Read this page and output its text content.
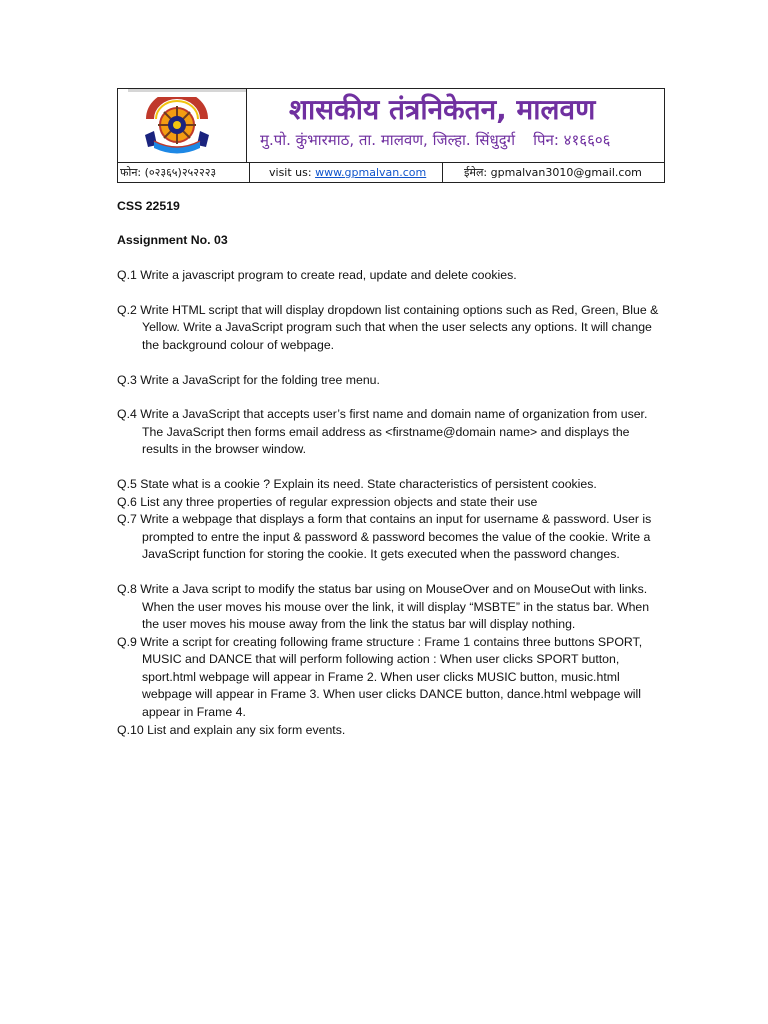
शासकीय तंत्रनिकेतन, मालवण
मु.पो. कुंभारमाठ, ता. मालवण, जिल्हा. सिंधुदुर्ग पिन: ४१६६०६
फोन: (०२३६५)२५२२२३	visit us: www.gpmalvan.com	ईमेल: gpmalvan3010@gmail.com

CSS 22519

Assignment No. 03

Q.1 Write a javascript program to create read, update and delete cookies.

Q.2 Write HTML script that will display dropdown list containing options such as Red, Green, Blue & Yellow. Write a JavaScript program such that when the user selects any options. It will change the background colour of webpage.

Q.3 Write a JavaScript for the folding tree menu.

Q.4 Write a JavaScript that accepts user’s first name and domain name of organization from user. The JavaScript then forms email address as <firstname@domain name> and displays the results in the browser window.

Q.5 State what is a cookie ? Explain its need. State characteristics of persistent cookies.

Q.6 List any three properties of regular expression objects and state their use

Q.7 Write a webpage that displays a form that contains an input for username & password. User is prompted to entre the input & password & password becomes the value of the cookie. Write a JavaScript function for storing the cookie. It gets executed when the password changes.

Q.8 Write a Java script to modify the status bar using on MouseOver and on MouseOut with links. When the user moves his mouse over the link, it will display “MSBTE” in the status bar. When the user moves his mouse away from the link the status bar will display nothing.

Q.9 Write a script for creating following frame structure : Frame 1 contains three buttons SPORT, MUSIC and DANCE that will perform following action : When user clicks SPORT button, sport.html webpage will appear in Frame 2. When user clicks MUSIC button, music.html webpage will appear in Frame 3. When user clicks DANCE button, dance.html webpage will appear in Frame 4.

Q.10 List and explain any six form events.
